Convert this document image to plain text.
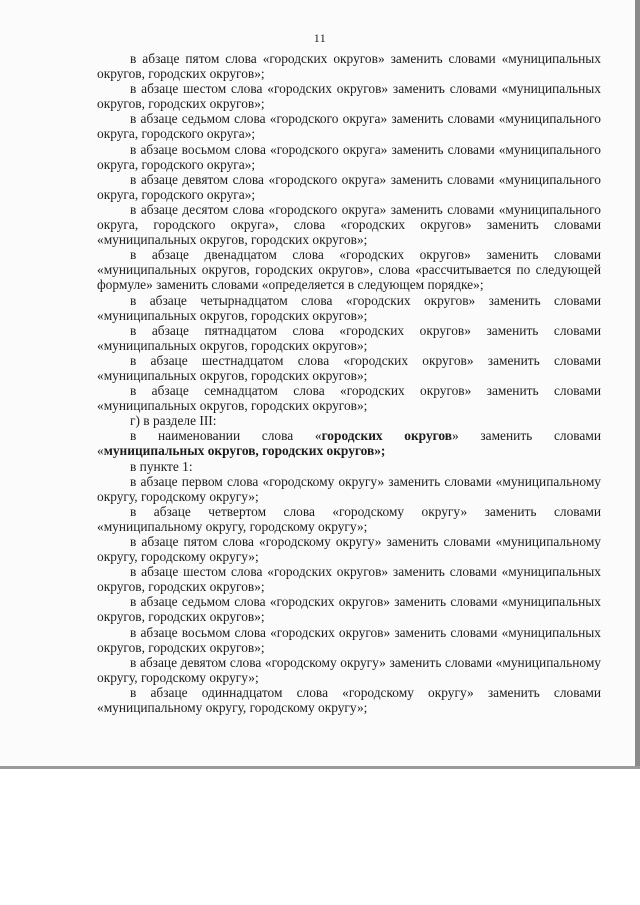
11

в абзаце пятом слова «городских округов» заменить словами «муниципальных округов, городских округов»;

в абзаце шестом слова «городских округов» заменить словами «муниципальных округов, городских округов»;

в абзаце седьмом слова «городского округа» заменить словами «муниципального округа, городского округа»;

в абзаце восьмом слова «городского округа» заменить словами «муниципального округа, городского округа»;

в абзаце девятом слова «городского округа» заменить словами «муниципального округа, городского округа»;

в абзаце десятом слова «городского округа» заменить словами «муниципального округа, городского округа», слова «городских округов» заменить словами «муниципальных округов, городских округов»;

в абзаце двенадцатом слова «городских округов» заменить словами «муниципальных округов, городских округов», слова «рассчитывается по следующей формуле» заменить словами «определяется в следующем порядке»;

в абзаце четырнадцатом слова «городских округов» заменить словами «муниципальных округов, городских округов»;

в абзаце пятнадцатом слова «городских округов» заменить словами «муниципальных округов, городских округов»;

в абзаце шестнадцатом слова «городских округов» заменить словами «муниципальных округов, городских округов»;

в абзаце семнадцатом слова «городских округов» заменить словами «муниципальных округов, городских округов»;

г) в разделе III:

в наименовании слова «городских округов» заменить словами «муниципальных округов, городских округов»;

в пункте 1:

в абзаце первом слова «городскому округу» заменить словами «муниципальному округу, городскому округу»;

в абзаце четвертом слова «городскому округу» заменить словами «муниципальному округу, городскому округу»;

в абзаце пятом слова «городскому округу» заменить словами «муниципальному округу, городскому округу»;

в абзаце шестом слова «городских округов» заменить словами «муниципальных округов, городских округов»;

в абзаце седьмом слова «городских округов» заменить словами «муниципальных округов, городских округов»;

в абзаце восьмом слова «городских округов» заменить словами «муниципальных округов, городских округов»;

в абзаце девятом слова «городскому округу» заменить словами «муниципальному округу, городскому округу»;

в абзаце одиннадцатом слова «городскому округу» заменить словами «муниципальному округу, городскому округу»;
